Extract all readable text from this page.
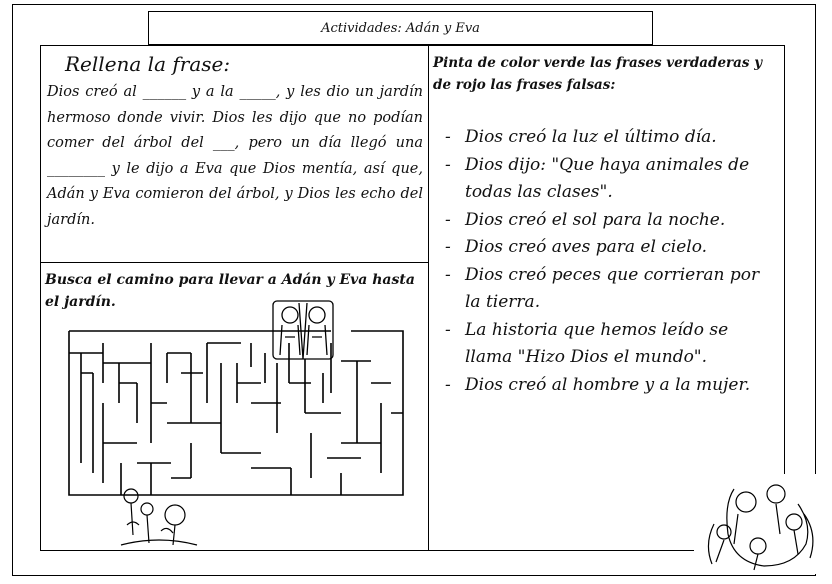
Actividades: Adán y Eva
Rellena la frase:
Dios creó al ______ y a la _____, y les dio un jardín hermoso donde vivir. Dios les dijo que no podían comer del árbol del ___, pero un día llegó una ________ y le dijo a Eva que Dios mentía, así que, Adán y Eva comieron del árbol, y Dios les echo del jardín.
Busca el camino para llevar a Adán y Eva hasta el jardín.
Pinta de color verde las frases verdaderas y de rojo las frases falsas:
- Dios creó la luz el último día.
- Dios dijo: "Que haya animales de todas las clases".
- Dios creó el sol para la noche.
- Dios creó aves para el cielo.
- Dios creó peces que corrieran por la tierra.
- La historia que hemos leído se llama "Hizo Dios el mundo".
- Dios creó al hombre y a la mujer.
